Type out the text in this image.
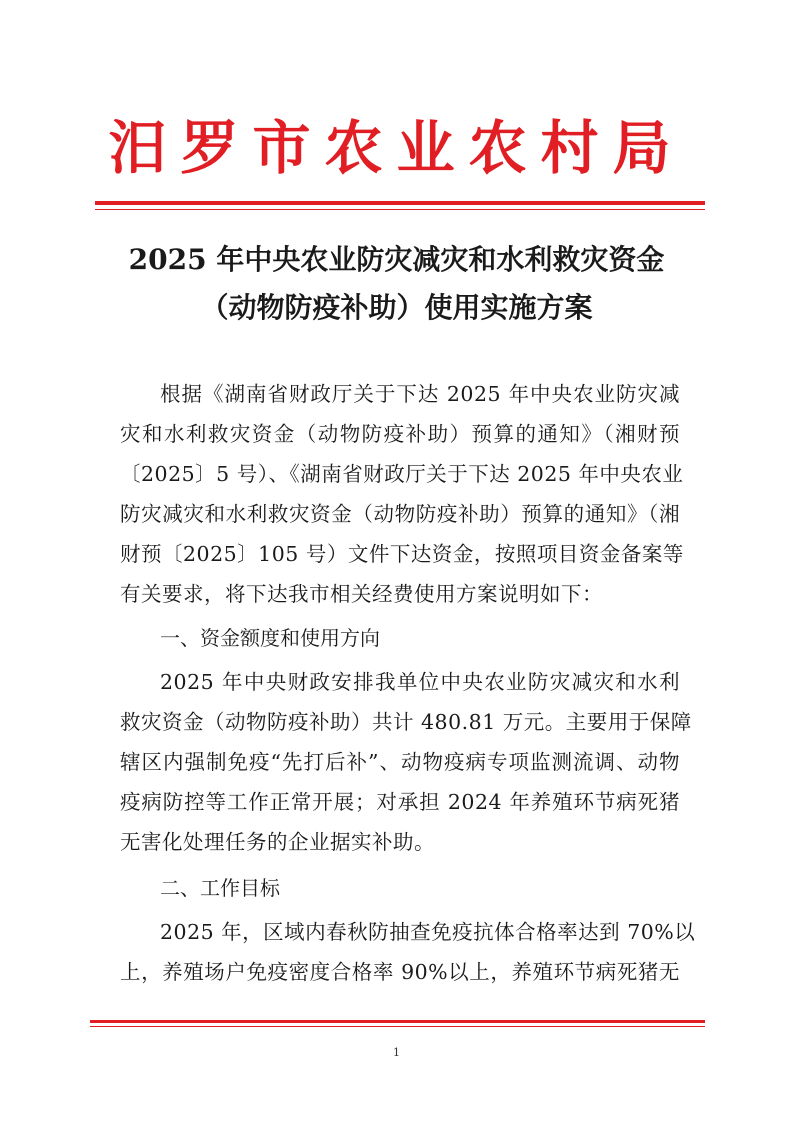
汨罗市农业农村局
2025 年中央农业防灾减灾和水利救灾资金
（动物防疫补助）使用实施方案
根据《湖南省财政厅关于下达 2025 年中央农业防灾减
灾和水利救灾资金（动物防疫补助）预算的通知》（湘财预
〔2025〕5 号）、《湖南省财政厅关于下达 2025 年中央农业
防灾减灾和水利救灾资金（动物防疫补助）预算的通知》（湘
财预〔2025〕105 号）文件下达资金，按照项目资金备案等
有关要求，将下达我市相关经费使用方案说明如下：
一、资金额度和使用方向
2025 年中央财政安排我单位中央农业防灾减灾和水利
救灾资金（动物防疫补助）共计 480.81 万元。主要用于保障
辖区内强制免疫“先打后补”、动物疫病专项监测流调、动物
疫病防控等工作正常开展；对承担 2024 年养殖环节病死猪
无害化处理任务的企业据实补助。
二、工作目标
2025 年，区域内春秋防抽查免疫抗体合格率达到 70%以
上，养殖场户免疫密度合格率 90%以上，养殖环节病死猪无
1
